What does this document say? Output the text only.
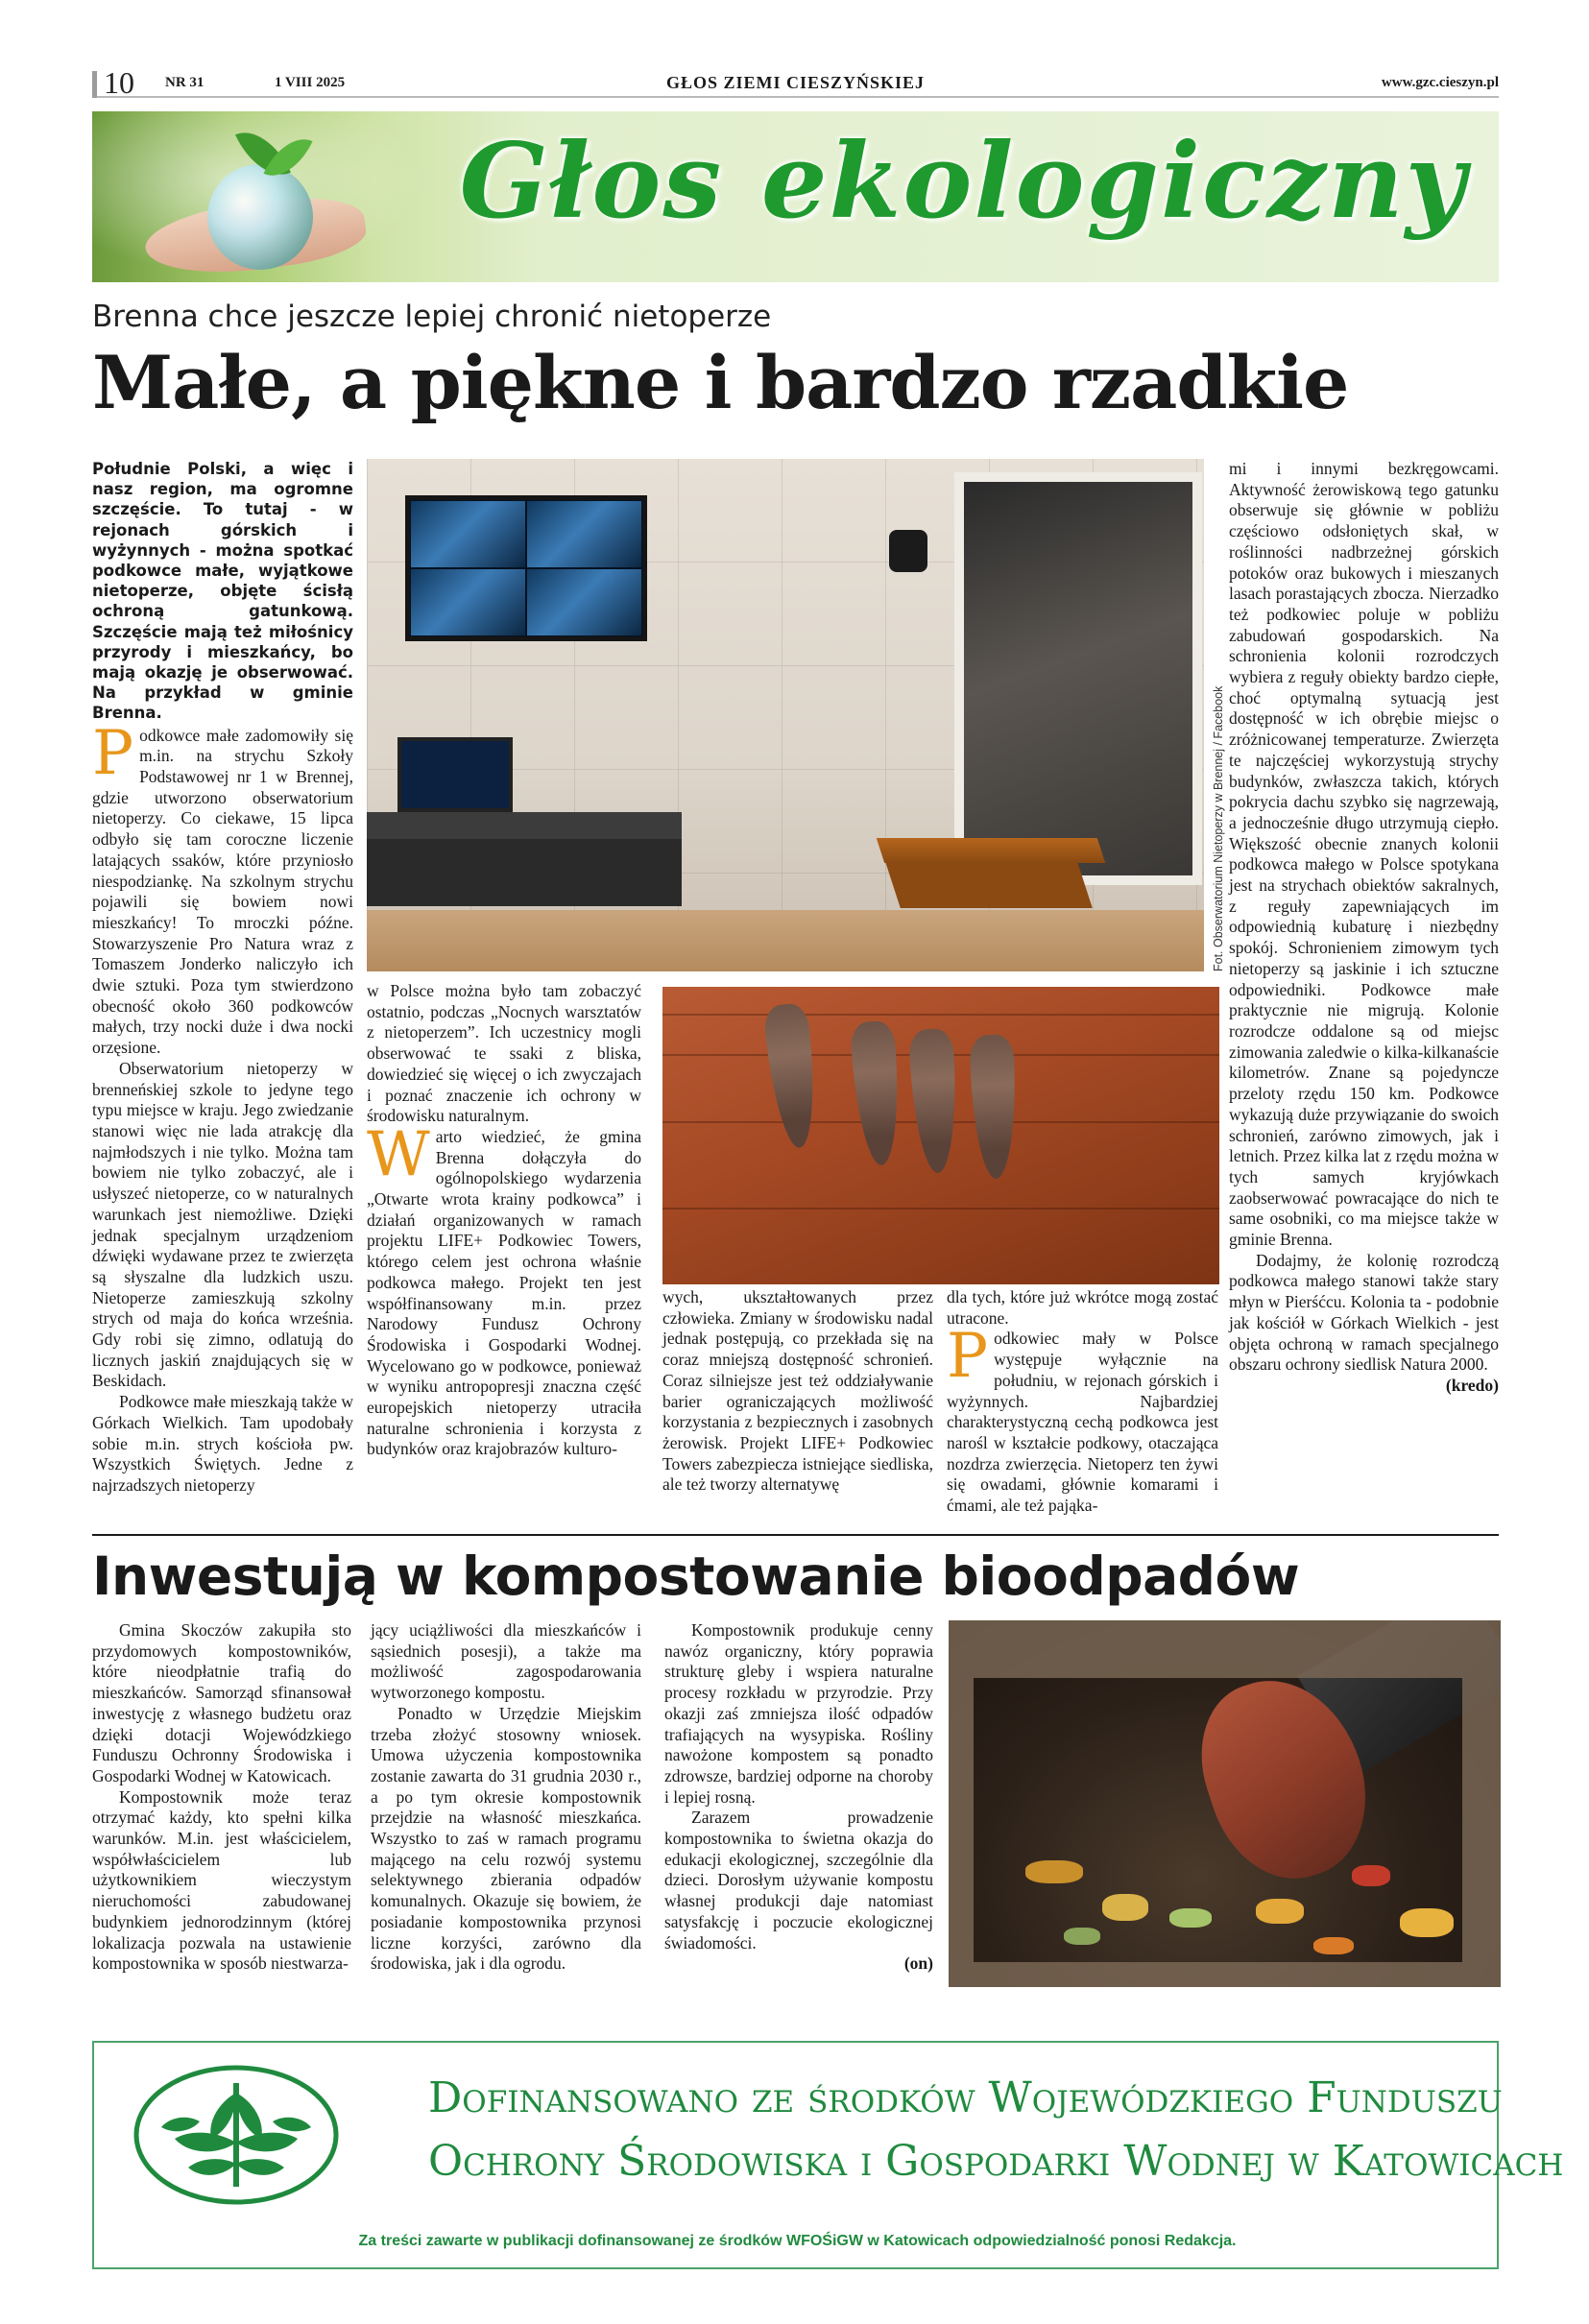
10 NR 31	1 VIII 2025	GŁOS ZIEMI CIESZYŃSKIEJ	www.gzc.cieszyn.pl
Głos ekologiczny
Brenna chce jeszcze lepiej chronić nietoperze
Małe, a piękne i bardzo rzadkie

Południe Polski, a więc i nasz region, ma ogromne szczęście. To tutaj - w rejonach górskich i wyżynnych - można spotkać podkowce małe, wyjątkowe nietoperze, objęte ścisłą ochroną gatunkową. Szczęście mają też miłośnicy przyrody i mieszkańcy, bo mają okazję je obserwować. Na przykład w gminie Brenna.

Podkowce małe zadomowiły się m.in. na strychu Szkoły Podstawowej nr 1 w Brennej, gdzie utworzono obserwatorium nietoperzy. Co ciekawe, 15 lipca odbyło się tam coroczne liczenie latających ssaków, które przyniosło niespodziankę. Na szkolnym strychu pojawili się bowiem nowi mieszkańcy! To mroczki późne. Stowarzyszenie Pro Natura wraz z Tomaszem Jonderko naliczyło ich dwie sztuki. Poza tym stwierdzono obecność około 360 podkowców małych, trzy nocki duże i dwa nocki orzęsione.

Obserwatorium nietoperzy w brenneńskiej szkole to jedyne tego typu miejsce w kraju. Jego zwiedzanie stanowi więc nie lada atrakcję dla najmłodszych i nie tylko. Można tam bowiem nie tylko zobaczyć, ale i usłyszeć nietoperze, co w naturalnych warunkach jest niemożliwe. Dzięki jednak specjalnym urządzeniom dźwięki wydawane przez te zwierzęta są słyszalne dla ludzkich uszu. Nietoperze zamieszkują szkolny strych od maja do końca września. Gdy robi się zimno, odlatują do licznych jaskiń znajdujących się w Beskidach.

Podkowce małe mieszkają także w Górkach Wielkich. Tam upodobały sobie m.in. strych kościoła pw. Wszystkich Świętych. Jedne z najrzadszych nietoperzy

Fot. Obserwatorium Nietoperzy w Brennej / Facebook

w Polsce można było tam zobaczyć ostatnio, podczas „Nocnych warsztatów z nietoperzem”. Ich uczestnicy mogli obserwować te ssaki z bliska, dowiedzieć się więcej o ich zwyczajach i poznać znaczenie ich ochrony w środowisku naturalnym.

Warto wiedzieć, że gmina Brenna dołączyła do ogólnopolskiego wydarzenia „Otwarte wrota krainy podkowca” i działań organizowanych w ramach projektu LIFE+ Podkowiec Towers, którego celem jest ochrona właśnie podkowca małego. Projekt ten jest współfinansowany m.in. przez Narodowy Fundusz Ochrony Środowiska i Gospodarki Wodnej. Wycelowano go w podkowce, ponieważ w wyniku antropopresji znaczna część europejskich nietoperzy utraciła naturalne schronienia i korzysta z budynków oraz krajobrazów kulturo-

wych, ukształtowanych przez człowieka. Zmiany w środowisku nadal jednak postępują, co przekłada się na coraz mniejszą dostępność schronień. Coraz silniejsze jest też oddziaływanie barier ograniczających możliwość korzystania z bezpiecznych i zasobnych żerowisk. Projekt LIFE+ Podkowiec Towers zabezpiecza istniejące siedliska, ale też tworzy alternatywę

dla tych, które już wkrótce mogą zostać utracone.

Podkowiec mały w Polsce występuje wyłącznie na południu, w rejonach górskich i wyżynnych. Najbardziej charakterystyczną cechą podkowca jest narośl w kształcie podkowy, otaczająca nozdrza zwierzęcia. Nietoperz ten żywi się owadami, głównie komarami i ćmami, ale też pająka-

mi i innymi bezkręgowcami. Aktywność żerowiskową tego gatunku obserwuje się głównie w pobliżu częściowo odsłoniętych skał, w roślinności nadbrzeżnej górskich potoków oraz bukowych i mieszanych lasach porastających zbocza. Nierzadko też podkowiec poluje w pobliżu zabudowań gospodarskich. Na schronienia kolonii rozrodczych wybiera z reguły obiekty bardzo ciepłe, choć optymalną sytuacją jest dostępność w ich obrębie miejsc o zróżnicowanej temperaturze. Zwierzęta te najczęściej wykorzystują strychy budynków, zwłaszcza takich, których pokrycia dachu szybko się nagrzewają, a jednocześnie długo utrzymują ciepło. Większość obecnie znanych kolonii podkowca małego w Polsce spotykana jest na strychach obiektów sakralnych, z reguły zapewniających im odpowiednią kubaturę i niezbędny spokój. Schronieniem zimowym tych nietoperzy są jaskinie i ich sztuczne odpowiedniki. Podkowce małe praktycznie nie migrują. Kolonie rozrodcze oddalone są od miejsc zimowania zaledwie o kilka-kilkanaście kilometrów. Znane są pojedyncze przeloty rzędu 150 km. Podkowce wykazują duże przywiązanie do swoich schronień, zarówno zimowych, jak i letnich. Przez kilka lat z rzędu można w tych samych kryjówkach zaobserwować powracające do nich te same osobniki, co ma miejsce także w gminie Brenna.

Dodajmy, że kolonię rozrodczą podkowca małego stanowi także stary młyn w Pierśćcu. Kolonia ta - podobnie jak kościół w Górkach Wielkich - jest objęta ochroną w ramach specjalnego obszaru ochrony siedlisk Natura 2000.

(kredo)

Inwestują w kompostowanie bioodpadów

Gmina Skoczów zakupiła sto przydomowych kompostowników, które nieodpłatnie trafią do mieszkańców. Samorząd sfinansował inwestycję z własnego budżetu oraz dzięki dotacji Wojewódzkiego Funduszu Ochronny Środowiska i Gospodarki Wodnej w Katowicach.

Kompostownik może teraz otrzymać każdy, kto spełni kilka warunków. M.in. jest właścicielem, współwłaścicielem lub użytkownikiem wieczystym nieruchomości zabudowanej budynkiem jednorodzinnym (której lokalizacja pozwala na ustawienie kompostownika w sposób niestwarza-

jący uciążliwości dla mieszkańców i sąsiednich posesji), a także ma możliwość zagospodarowania wytworzonego kompostu.

Ponadto w Urzędzie Miejskim trzeba złożyć stosowny wniosek. Umowa użyczenia kompostownika zostanie zawarta do 31 grudnia 2030 r., a po tym okresie kompostownik przejdzie na własność mieszkańca. Wszystko to zaś w ramach programu mającego na celu rozwój systemu selektywnego zbierania odpadów komunalnych. Okazuje się bowiem, że posiadanie kompostownika przynosi liczne korzyści, zarówno dla środowiska, jak i dla ogrodu.

Kompostownik produkuje cenny nawóz organiczny, który poprawia strukturę gleby i wspiera naturalne procesy rozkładu w przyrodzie. Przy okazji zaś zmniejsza ilość odpadów trafiających na wysypiska. Rośliny nawożone kompostem są ponadto zdrowsze, bardziej odporne na choroby i lepiej rosną.

Zarazem prowadzenie kompostownika to świetna okazja do edukacji ekologicznej, szczególnie dla dzieci. Dorosłym używanie kompostu własnej produkcji daje natomiast satysfakcję i poczucie ekologicznej świadomości.

(on)

Dofinansowano ze środków Wojewódzkiego Funduszu
Ochrony Środowiska i Gospodarki Wodnej w Katowicach
Za treści zawarte w publikacji dofinansowanej ze środków WFOŚiGW w Katowicach odpowiedzialność ponosi Redakcja.
